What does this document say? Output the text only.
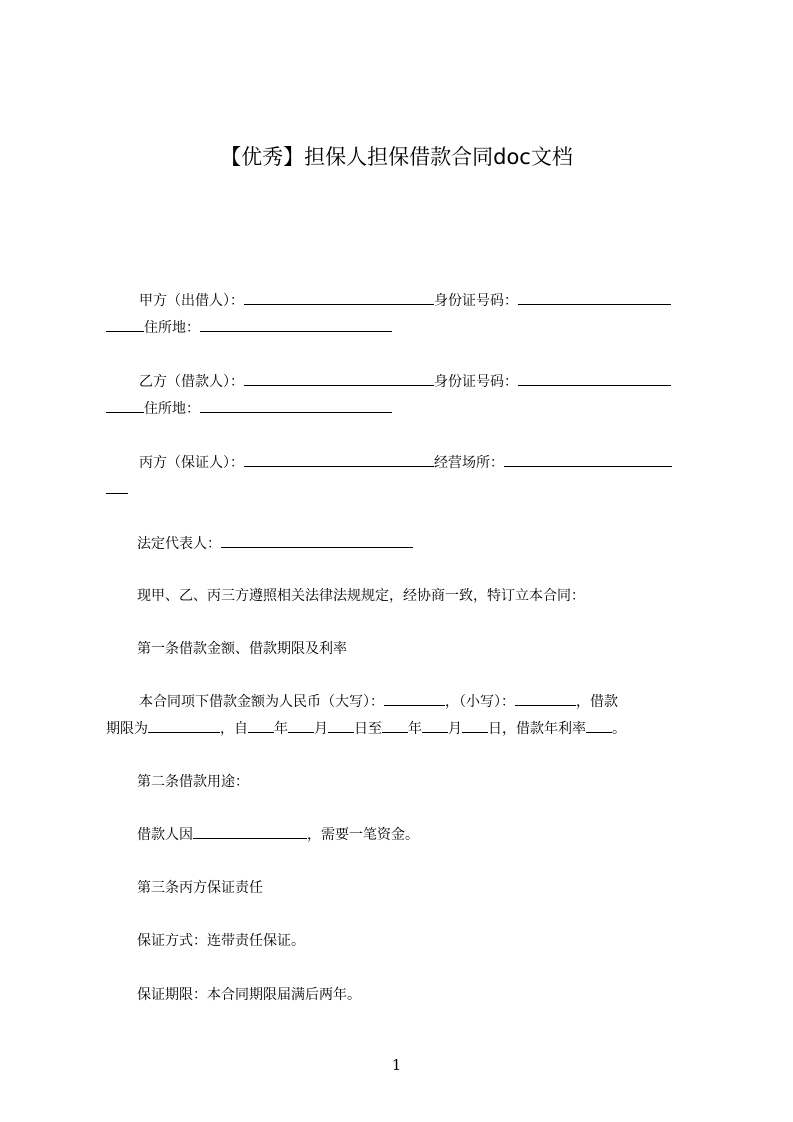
【优秀】担保人担保借款合同doc文档
甲方（出借人）：	身份证号码：
住所地：
乙方（借款人）：	身份证号码：
住所地：
丙方（保证人）：	经营场所：
法定代表人：
现甲、乙、丙三方遵照相关法律法规规定，经协商一致，特订立本合同：
第一条借款金额、借款期限及利率
本合同项下借款金额为人民币（大写）：	，（小写）：	，借款
期限为	，自 年 月 日至 年 月 日，借款年利率 。
第二条借款用途：
借款人因	，需要一笔资金。
第三条丙方保证责任
保证方式：连带责任保证。
保证期限：本合同期限届满后两年。
1
